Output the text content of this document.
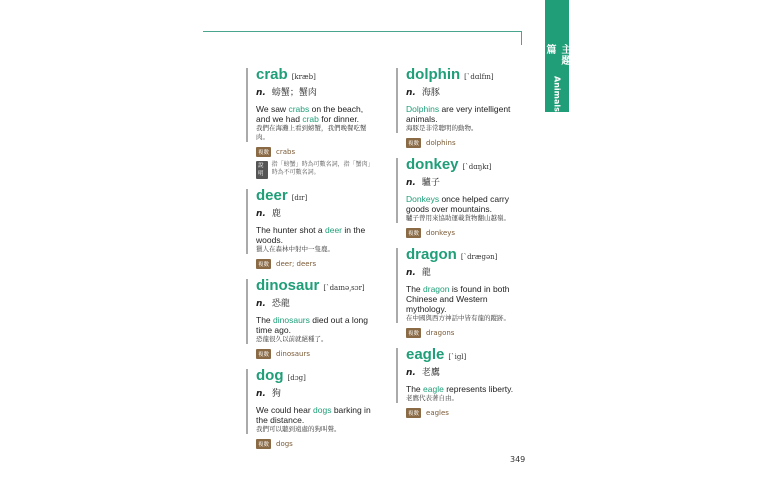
主題篇
Animals
crab [kræb]
n. 螃蟹；蟹肉
We saw crabs on the beach, and we had crab for dinner.
我們在海灘上看到螃蟹，我們晚餐吃蟹肉。
複數 crabs
說明
指「螃蟹」時為可數名詞，指「蟹肉」時為不可數名詞。
deer [dɪr]
n. 鹿
The hunter shot a deer in the woods.
獵人在森林中射中一隻鹿。
複數 deer; deers
dinosaur [ˋdaɪnə͵sɔr]
n. 恐龍
The dinosaurs died out a long time ago.
恐龍很久以前就絕種了。
複數 dinosaurs
dog [dɔg]
n. 狗
We could hear dogs barking in the distance.
我們可以聽到遠處的狗叫聲。
複數 dogs
dolphin [ˋdɑlfɪn]
n. 海豚
Dolphins are very intelligent animals.
海豚是非常聰明的動物。
複數 dolphins
donkey [ˋdɑŋkɪ]
n. 驢子
Donkeys once helped carry goods over mountains.
驢子曾用來協助運載貨物翻山越嶺。
複數 donkeys
dragon [ˋdrægən]
n. 龍
The dragon is found in both Chinese and Western mythology.
在中國與西方神話中皆有龍的蹤跡。
複數 dragons
eagle [ˋigl]
n. 老鷹
The eagle represents liberty.
老鷹代表著自由。
複數 eagles
349
